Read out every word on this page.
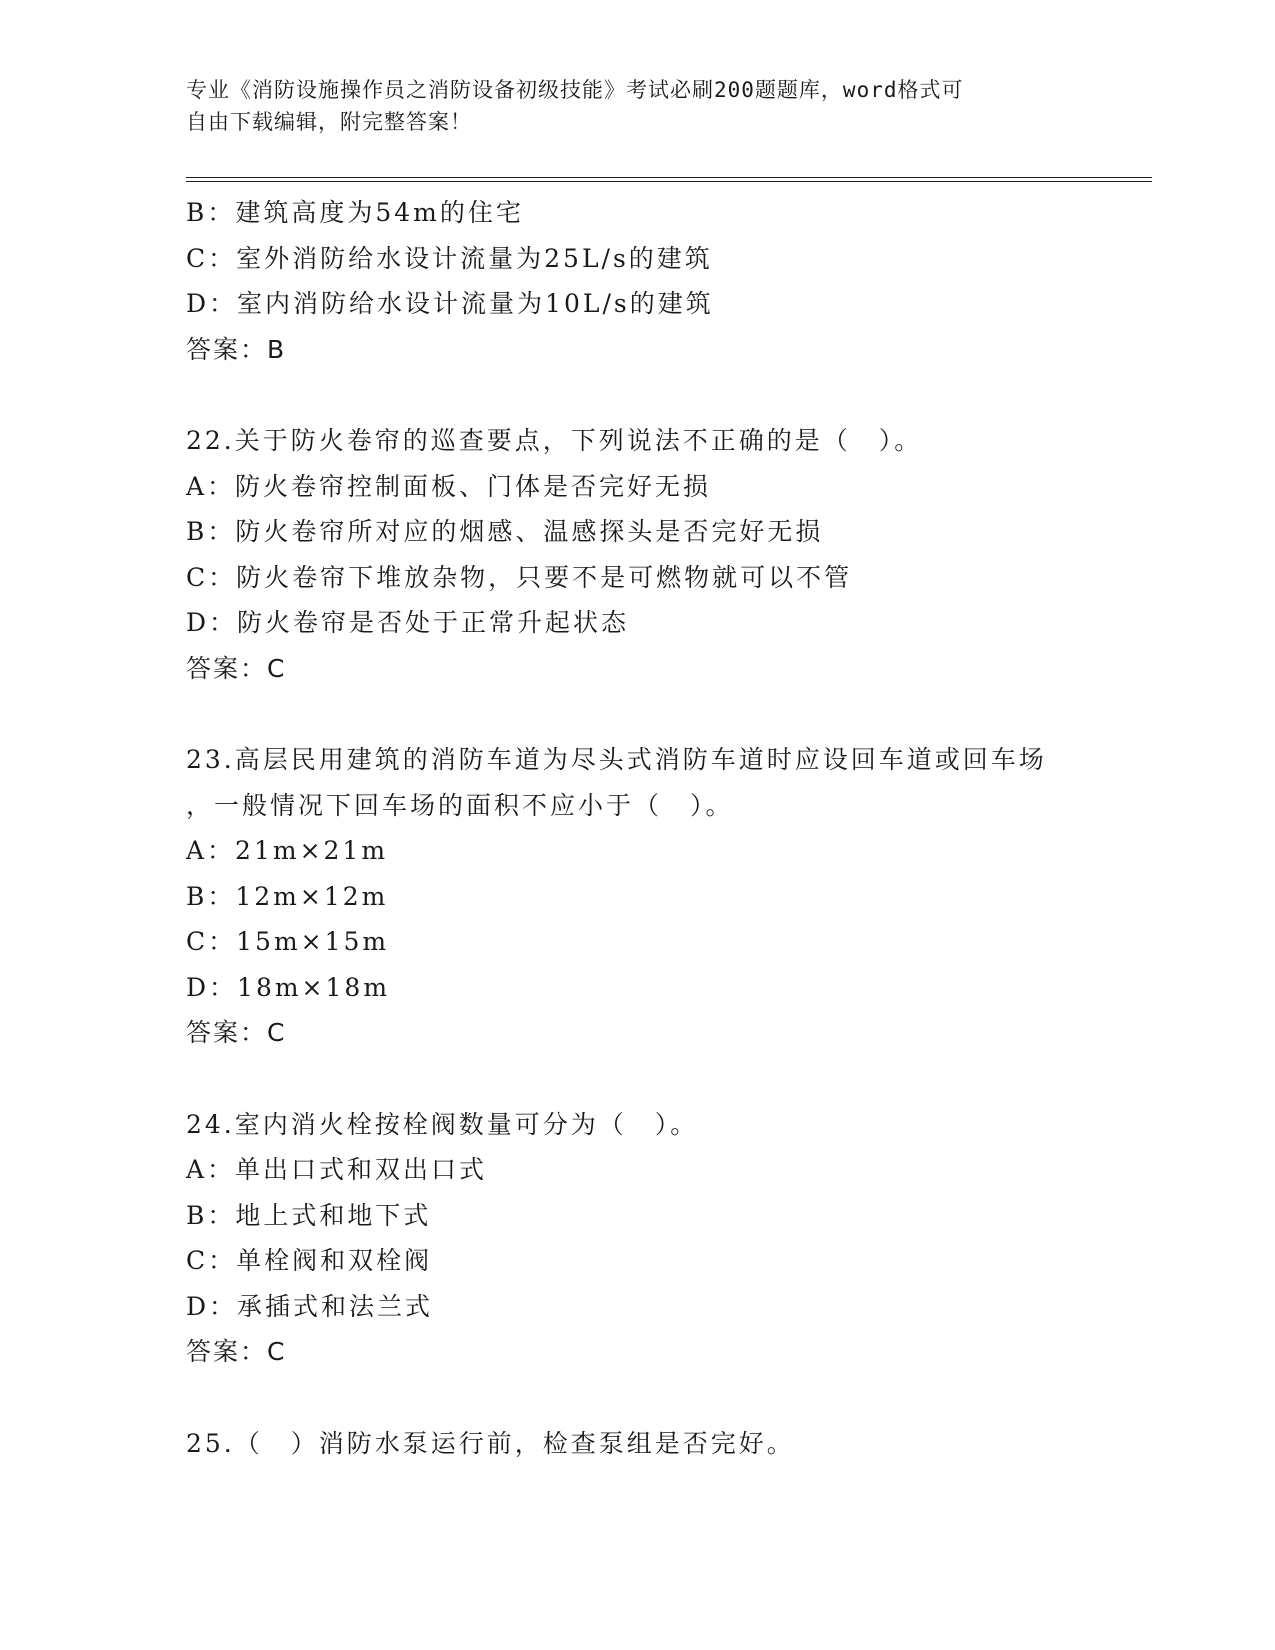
专业《消防设施操作员之消防设备初级技能》考试必刷200题题库，word格式可
自由下载编辑，附完整答案！
B：建筑高度为54m的住宅
C：室外消防给水设计流量为25L/s的建筑
D：室内消防给水设计流量为10L/s的建筑
答案：B
22.关于防火卷帘的巡查要点，下列说法不正确的是（　）。
A：防火卷帘控制面板、门体是否完好无损
B：防火卷帘所对应的烟感、温感探头是否完好无损
C：防火卷帘下堆放杂物，只要不是可燃物就可以不管
D：防火卷帘是否处于正常升起状态
答案：C
23.高层民用建筑的消防车道为尽头式消防车道时应设回车道或回车场
，一般情况下回车场的面积不应小于（　）。
A：21m×21m
B：12m×12m
C：15m×15m
D：18m×18m
答案：C
24.室内消火栓按栓阀数量可分为（　）。
A：单出口式和双出口式
B：地上式和地下式
C：单栓阀和双栓阀
D：承插式和法兰式
答案：C
25.（　）消防水泵运行前，检查泵组是否完好。
